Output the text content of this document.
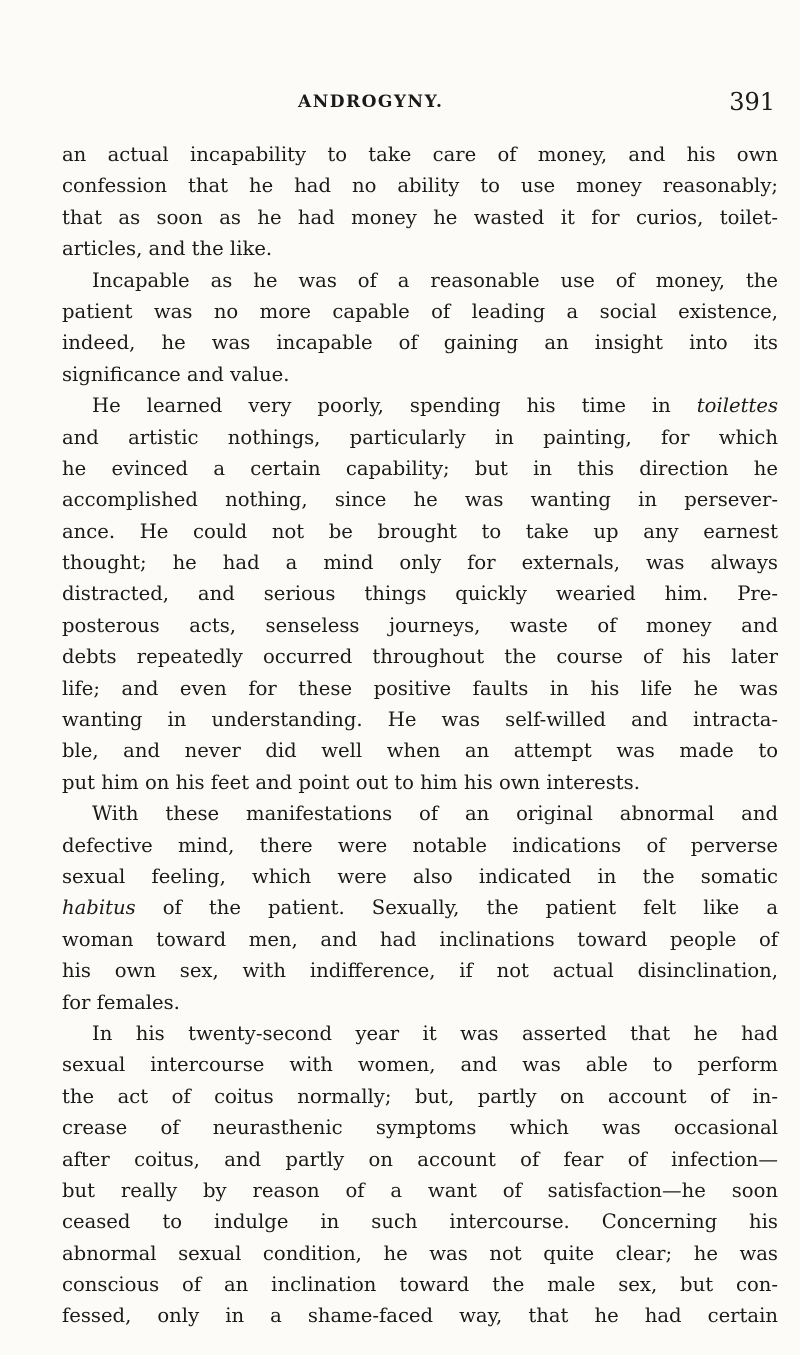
ANDROGYNY.	391
an actual incapability to take care of money, and his own
confession that he had no ability to use money reasonably;
that as soon as he had money he wasted it for curios, toilet-
articles, and the like.
Incapable as he was of a reasonable use of money, the
patient was no more capable of leading a social existence,
indeed, he was incapable of gaining an insight into its
significance and value.
He learned very poorly, spending his time in toilettes
and artistic nothings, particularly in painting, for which
he evinced a certain capability; but in this direction he
accomplished nothing, since he was wanting in persever-
ance. He could not be brought to take up any earnest
thought; he had a mind only for externals, was always
distracted, and serious things quickly wearied him. Pre-
posterous acts, senseless journeys, waste of money and
debts repeatedly occurred throughout the course of his later
life; and even for these positive faults in his life he was
wanting in understanding. He was self-willed and intracta-
ble, and never did well when an attempt was made to
put him on his feet and point out to him his own interests.
With these manifestations of an original abnormal and
defective mind, there were notable indications of perverse
sexual feeling, which were also indicated in the somatic
habitus of the patient. Sexually, the patient felt like a
woman toward men, and had inclinations toward people of
his own sex, with indifference, if not actual disinclination,
for females.
In his twenty-second year it was asserted that he had
sexual intercourse with women, and was able to perform
the act of coitus normally; but, partly on account of in-
crease of neurasthenic symptoms which was occasional
after coitus, and partly on account of fear of infection—
but really by reason of a want of satisfaction—he soon
ceased to indulge in such intercourse. Concerning his
abnormal sexual condition, he was not quite clear; he was
conscious of an inclination toward the male sex, but con-
fessed, only in a shame-faced way, that he had certain
